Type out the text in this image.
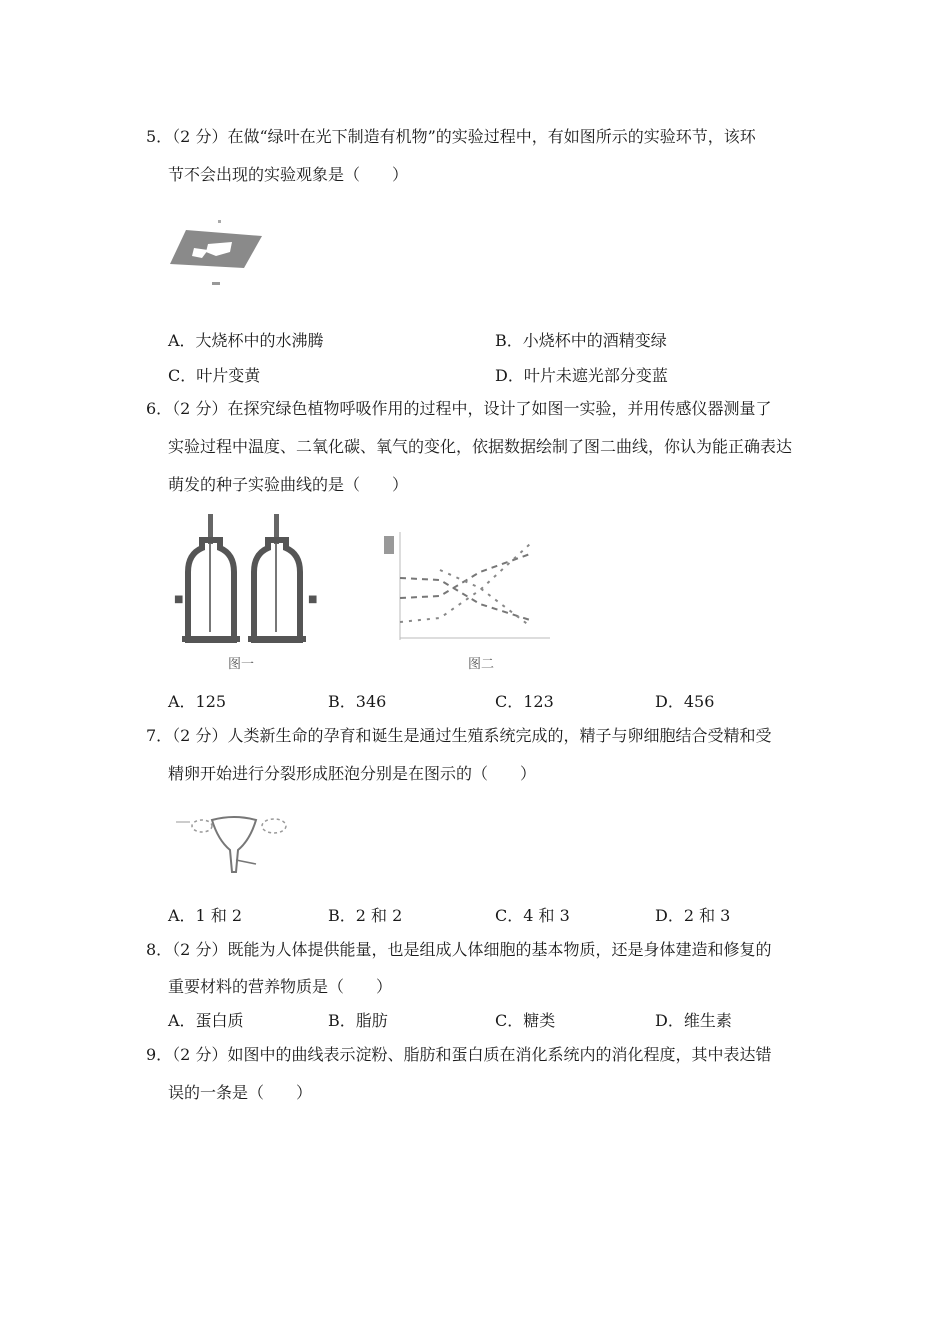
5．（2 分）在做“绿叶在光下制造有机物”的实验过程中，有如图所示的实验环节，该环
节不会出现的实验观象是（　　）
A．大烧杯中的水沸腾	B．小烧杯中的酒精变绿
C．叶片变黄	D．叶片未遮光部分变蓝
6．（2 分）在探究绿色植物呼吸作用的过程中，设计了如图一实验，并用传感仪器测量了
实验过程中温度、二氧化碳、氧气的变化，依据数据绘制了图二曲线，你认为能正确表达
萌发的种子实验曲线的是（　　）
■	■
图一	图二
A．125	B．346	C．123	D．456
7．（2 分）人类新生命的孕育和诞生是通过生殖系统完成的，精子与卵细胞结合受精和受
精卵开始进行分裂形成胚泡分别是在图示的（　　）
A．1 和 2	B．2 和 2	C．4 和 3	D．2 和 3
8．（2 分）既能为人体提供能量，也是组成人体细胞的基本物质，还是身体建造和修复的
重要材料的营养物质是（　　）
A．蛋白质	B．脂肪	C．糖类	D．维生素
9．（2 分）如图中的曲线表示淀粉、脂肪和蛋白质在消化系统内的消化程度，其中表达错
误的一条是（　　）
